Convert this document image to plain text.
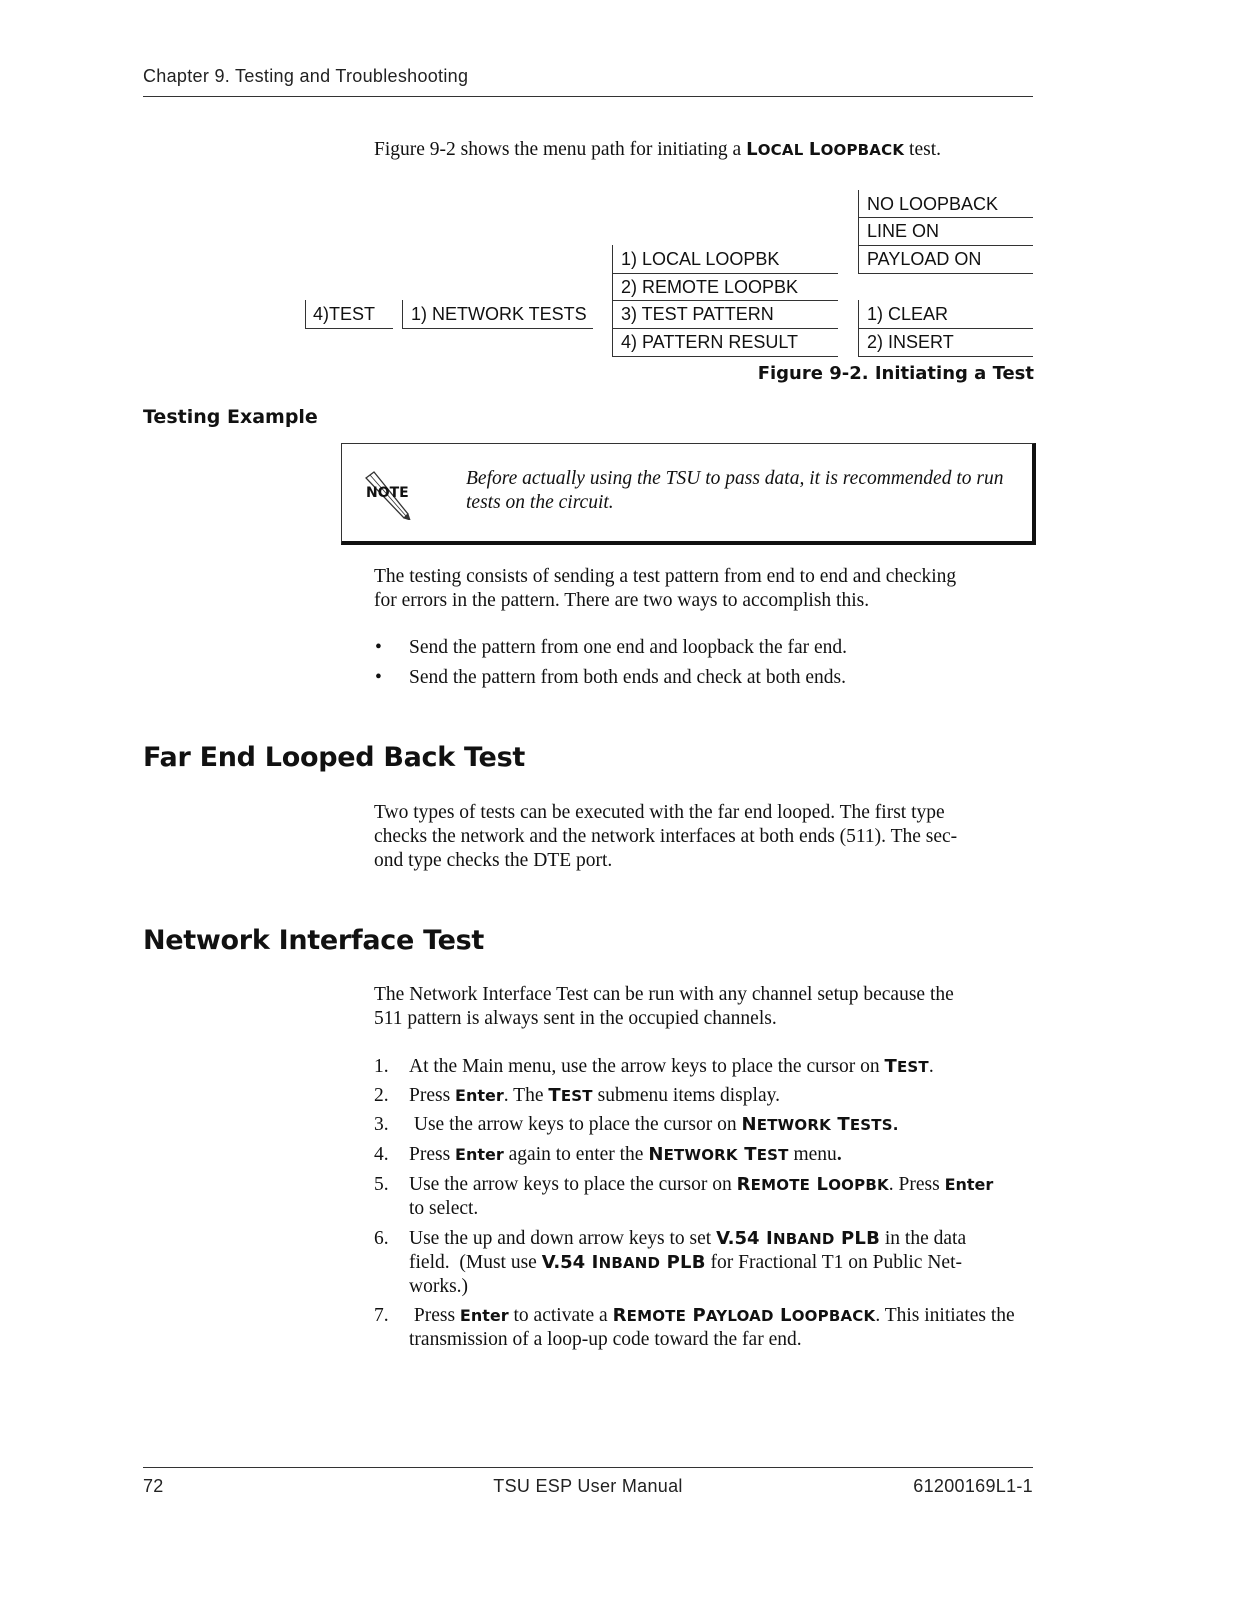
Chapter 9. Testing and Troubleshooting
Figure 9-2 shows the menu path for initiating a LOCAL LOOPBACK test.
NO LOOPBACK
LINE ON
PAYLOAD ON
1) LOCAL LOOPBK
2) REMOTE LOOPBK
3) TEST PATTERN
4) PATTERN RESULT
1) CLEAR
2) INSERT
4)TEST 1) NETWORK TESTS
Figure 9-2. Initiating a Test
Testing Example
NOTE
Before actually using the TSU to pass data, it is recommended to run
tests on the circuit.
The testing consists of sending a test pattern from end to end and checking
for errors in the pattern. There are two ways to accomplish this.
• Send the pattern from one end and loopback the far end.
• Send the pattern from both ends and check at both ends.
Far End Looped Back Test
Two types of tests can be executed with the far end looped. The first type
checks the network and the network interfaces at both ends (511). The sec-
ond type checks the DTE port.
Network Interface Test
The Network Interface Test can be run with any channel setup because the
511 pattern is always sent in the occupied channels.
1. At the Main menu, use the arrow keys to place the cursor on TEST.
2. Press Enter. The TEST submenu items display.
3. Use the arrow keys to place the cursor on NETWORK TESTS.
4. Press Enter again to enter the NETWORK TEST menu.
5. Use the arrow keys to place the cursor on REMOTE LOOPBK. Press Enter
to select.
6. Use the up and down arrow keys to set V.54 INBAND PLB in the data
field.  (Must use V.54 INBAND PLB for Fractional T1 on Public Net-
works.)
7. Press Enter to activate a REMOTE PAYLOAD LOOPBACK. This initiates the
transmission of a loop-up code toward the far end.
72	TSU ESP User Manual	61200169L1-1
